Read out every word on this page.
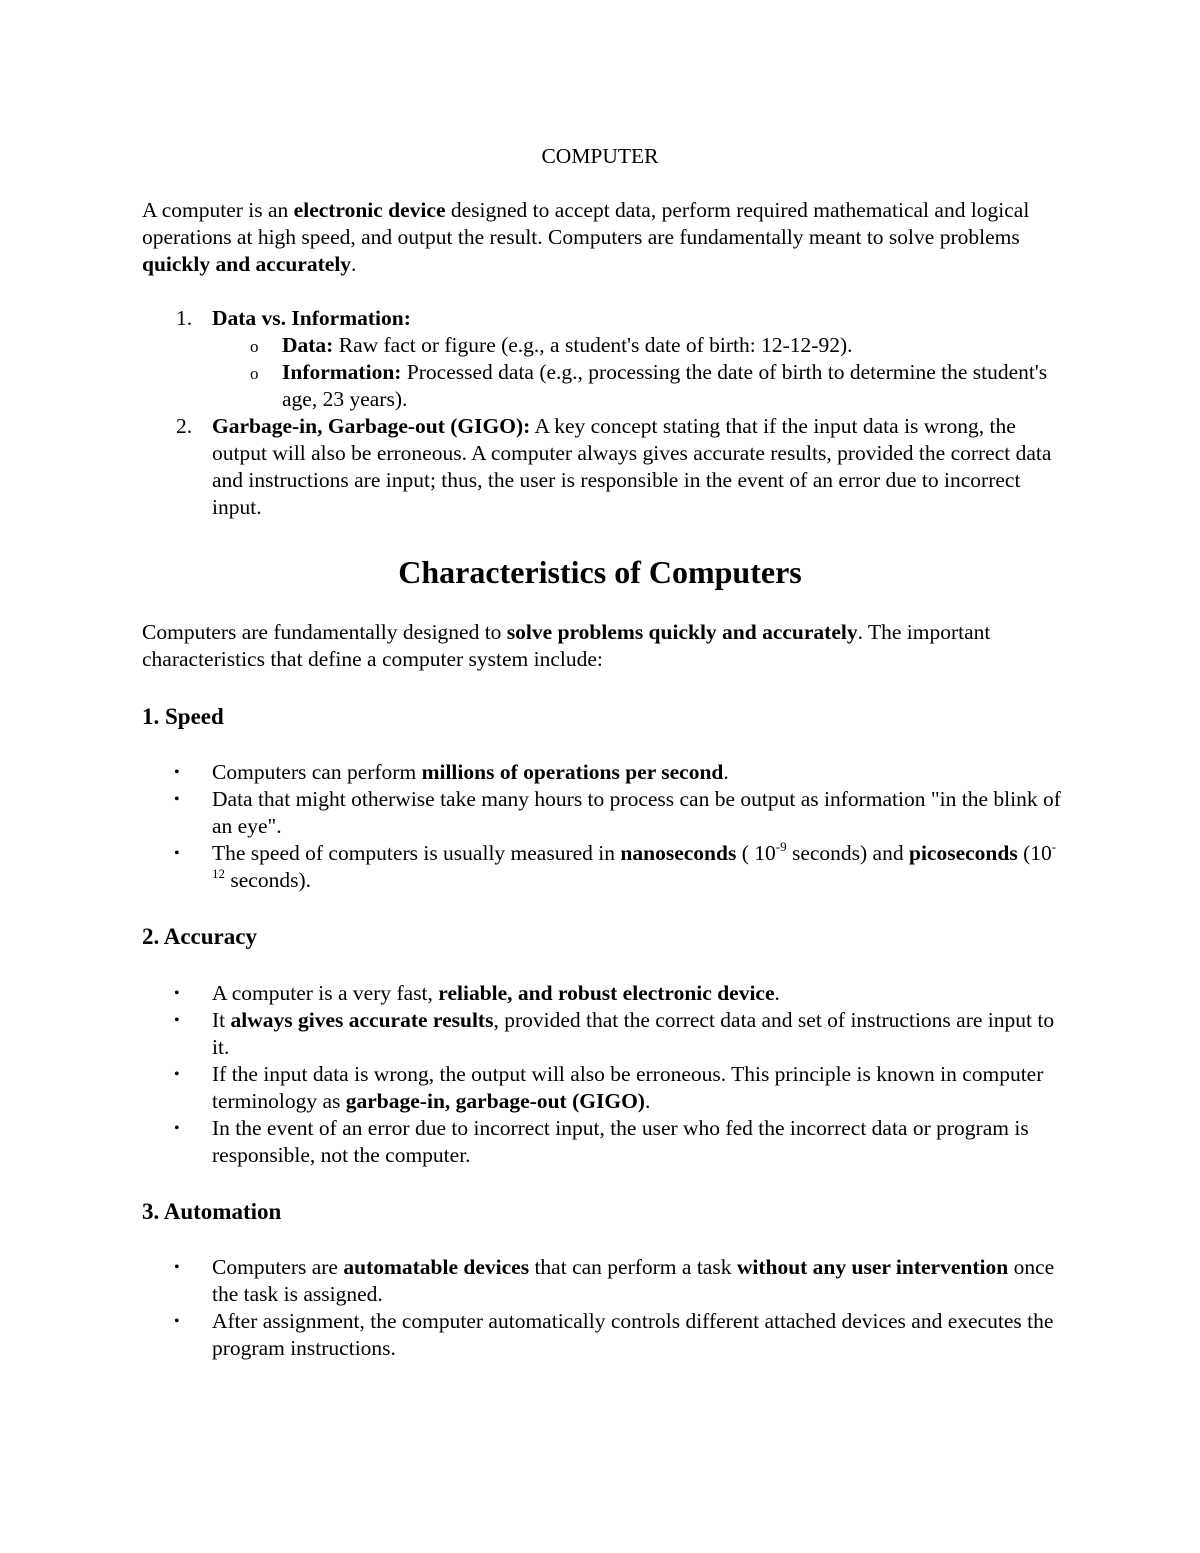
COMPUTER

A computer is an electronic device designed to accept data, perform required mathematical and logical operations at high speed, and output the result. Computers are fundamentally meant to solve problems quickly and accurately.

1. Data vs. Information:
o Data: Raw fact or figure (e.g., a student's date of birth: 12-12-92).
o Information: Processed data (e.g., processing the date of birth to determine the student's age, 23 years).
2. Garbage-in, Garbage-out (GIGO): A key concept stating that if the input data is wrong, the output will also be erroneous. A computer always gives accurate results, provided the correct data and instructions are input; thus, the user is responsible in the event of an error due to incorrect input.
Characteristics of Computers

Computers are fundamentally designed to solve problems quickly and accurately. The important characteristics that define a computer system include:

1. Speed
• Computers can perform millions of operations per second.
• Data that might otherwise take many hours to process can be output as information "in the blink of an eye".
• The speed of computers is usually measured in nanoseconds ( $10^{-9}$ seconds) and picoseconds ($10^{-12}$ seconds).
2. Accuracy
• A computer is a very fast, reliable, and robust electronic device.
• It always gives accurate results, provided that the correct data and set of instructions are input to it.
• If the input data is wrong, the output will also be erroneous. This principle is known in computer terminology as garbage-in, garbage-out (GIGO).
• In the event of an error due to incorrect input, the user who fed the incorrect data or program is responsible, not the computer.
3. Automation
• Computers are automatable devices that can perform a task without any user intervention once the task is assigned.
• After assignment, the computer automatically controls different attached devices and executes the program instructions.
